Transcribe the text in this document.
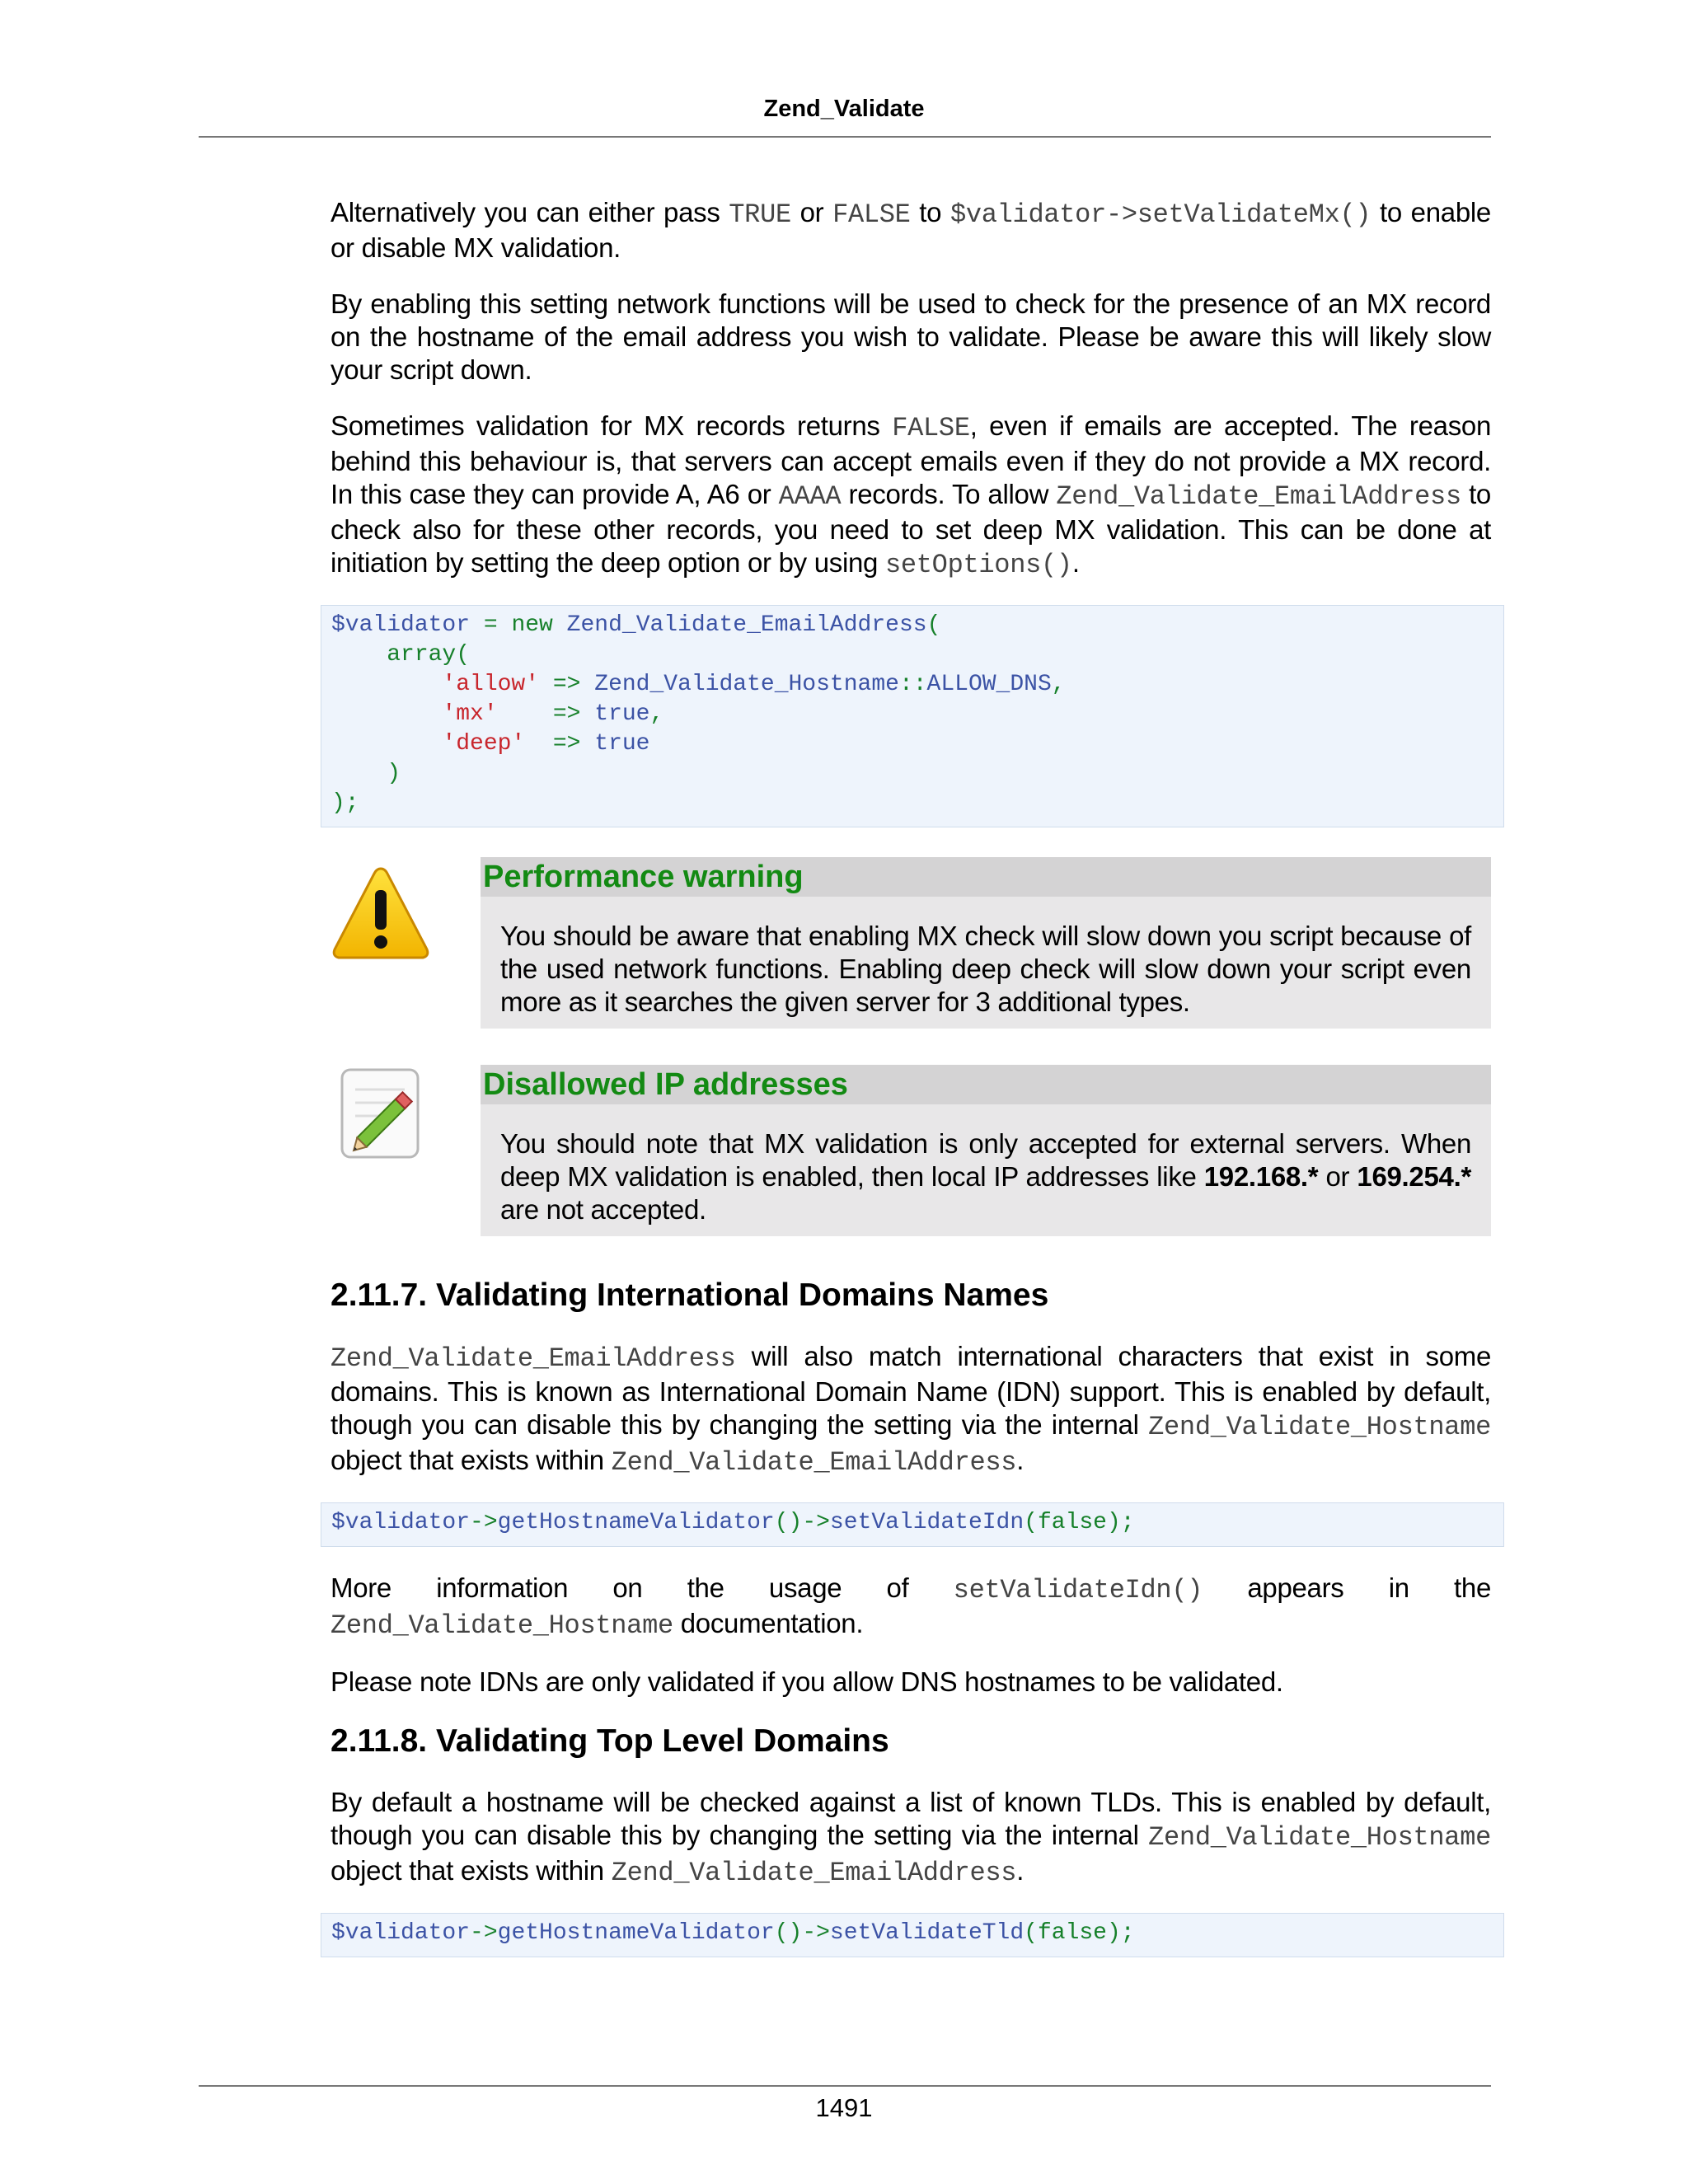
Zend_Validate

Alternatively you can either pass TRUE or FALSE to $validator->setValidateMx() to enable or disable MX validation.

By enabling this setting network functions will be used to check for the presence of an MX record on the hostname of the email address you wish to validate. Please be aware this will likely slow your script down.

Sometimes validation for MX records returns FALSE, even if emails are accepted. The reason behind this behaviour is, that servers can accept emails even if they do not provide a MX record. In this case they can provide A, A6 or AAAA records. To allow Zend_Validate_EmailAddress to check also for these other records, you need to set deep MX validation. This can be done at initiation by setting the deep option or by using setOptions().

$validator = new Zend_Validate_EmailAddress(
array(
'allow' => Zend_Validate_Hostname::ALLOW_DNS,
'mx'    => true,
'deep'  => true
)
);
Performance warning
You should be aware that enabling MX check will slow down you script because of the used network functions. Enabling deep check will slow down your script even more as it searches the given server for 3 additional types.
Disallowed IP addresses
You should note that MX validation is only accepted for external servers. When deep MX validation is enabled, then local IP addresses like 192.168.* or 169.254.* are not accepted.
2.11.7. Validating International Domains Names

Zend_Validate_EmailAddress will also match international characters that exist in some domains. This is known as International Domain Name (IDN) support. This is enabled by default, though you can disable this by changing the setting via the internal Zend_Validate_Hostname object that exists within Zend_Validate_EmailAddress.

$validator->getHostnameValidator()->setValidateIdn(false);

More information on the usage of setValidateIdn() appears in the Zend_Validate_Hostname documentation.

Please note IDNs are only validated if you allow DNS hostnames to be validated.

2.11.8. Validating Top Level Domains

By default a hostname will be checked against a list of known TLDs. This is enabled by default, though you can disable this by changing the setting via the internal Zend_Validate_Hostname object that exists within Zend_Validate_EmailAddress.

$validator->getHostnameValidator()->setValidateTld(false);
1491
